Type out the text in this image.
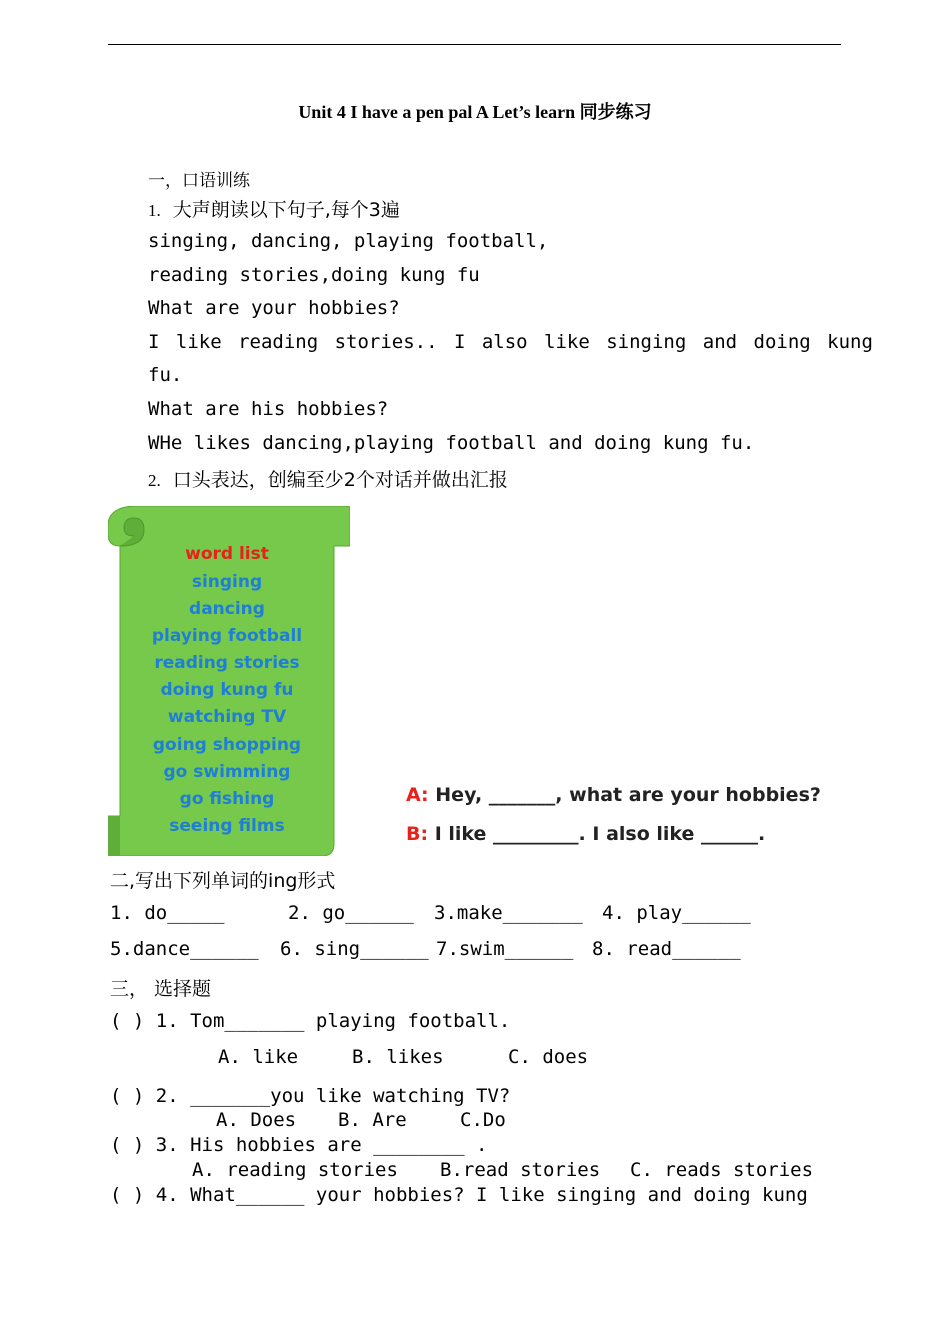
Unit 4 I have a pen pal A Let’s learn 同步练习
一，口语训练
1. 大声朗读以下句子,每个3遍
singing, dancing, playing football,
reading stories,doing kung fu
What are your hobbies?
I like reading stories.. I also like singing and doing kung
fu.
What are his hobbies?
WHe likes dancing,playing football and doing kung fu.
2. 口头表达，创编至少2个对话并做出汇报
word list
singing
dancing
playing football
reading stories
doing kung fu
watching TV
going shopping
go swimming
go fishing
seeing films
A: Hey, _______, what are your hobbies?
B: I like _________. I also like ______.
二,写出下列单词的ing形式
1. do_____	2. go______ 3.make_______ 4. play______
5.dance______ 6. sing______ 7.swim______ 8. read______
三， 选择题
( ) 1. Tom_______ playing football.
A. like	B. likes	C. does
( ) 2. _______you like watching TV?
A. Does B. Are	C.Do
( ) 3. His hobbies are ________ .
A. reading stories B.read stories C. reads stories
( ) 4. What______ your hobbies? I like singing and doing kung
